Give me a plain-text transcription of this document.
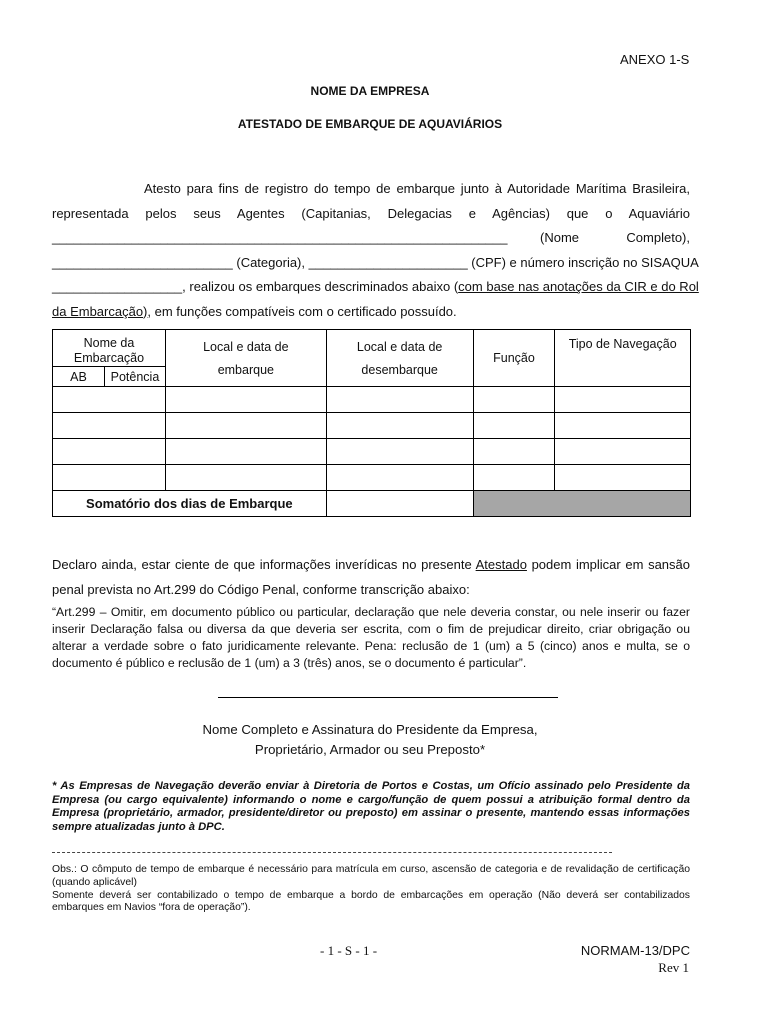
ANEXO 1-S
NOME DA EMPRESA
ATESTADO DE EMBARQUE DE AQUAVIÁRIOS
Atesto para fins de registro do tempo de embarque junto à Autoridade Marítima Brasileira,
representada pelos seus Agentes (Capitanias, Delegacias e Agências) que o Aquaviário
_______________________________________________________________	(Nome Completo),
_________________________ (Categoria), ______________________ (CPF) e número inscrição no SISAQUA
__________________, realizou os embarques descriminados abaixo ( com base nas anotações da CIR e do Rol
da Embarcação), em funções compatíveis com o certificado possuído.
Nome da Embarcação		Local e data de embarque	Local e data de desembarque	Função	Tipo de Navegação
AB	Potência				

Somatório dos dias de Embarque					
Declaro ainda, estar ciente de que informações inverídicas no presente Atestado podem implicar em sansão
penal prevista no Art.299 do Código Penal, conforme transcrição abaixo:
“Art.299 – Omitir, em documento público ou particular, declaração que nele deveria constar, ou nele inserir ou fazer inserir Declaração falsa ou diversa da que deveria ser escrita, com o fim de prejudicar direito, criar obrigação ou alterar a verdade sobre o fato juridicamente relevante. Pena: reclusão de 1 (um) a 5 (cinco) anos e multa, se o documento é público e reclusão de 1 (um) a 3 (três) anos, se o documento é particular”.
Nome Completo e Assinatura do Presidente da Empresa,
Proprietário, Armador ou seu Preposto*
* As Empresas de Navegação deverão enviar à Diretoria de Portos e Costas, um Ofício assinado pelo Presidente da Empresa (ou cargo equivalente) informando o nome e cargo/função de quem possui a atribuição formal dentro da Empresa (proprietário, armador, presidente/diretor ou preposto) em assinar o presente, mantendo essas informações sempre atualizadas junto à DPC.
Obs.: O cômputo de tempo de embarque é necessário para matrícula em curso, ascensão de categoria e de revalidação de certificação (quando aplicável)
Somente deverá ser contabilizado o tempo de embarque a bordo de embarcações em operação (Não deverá ser contabilizados embarques em Navios “fora de operação”).
- 1 - S - 1 -	NORMAM-13/DPC
Rev 1
